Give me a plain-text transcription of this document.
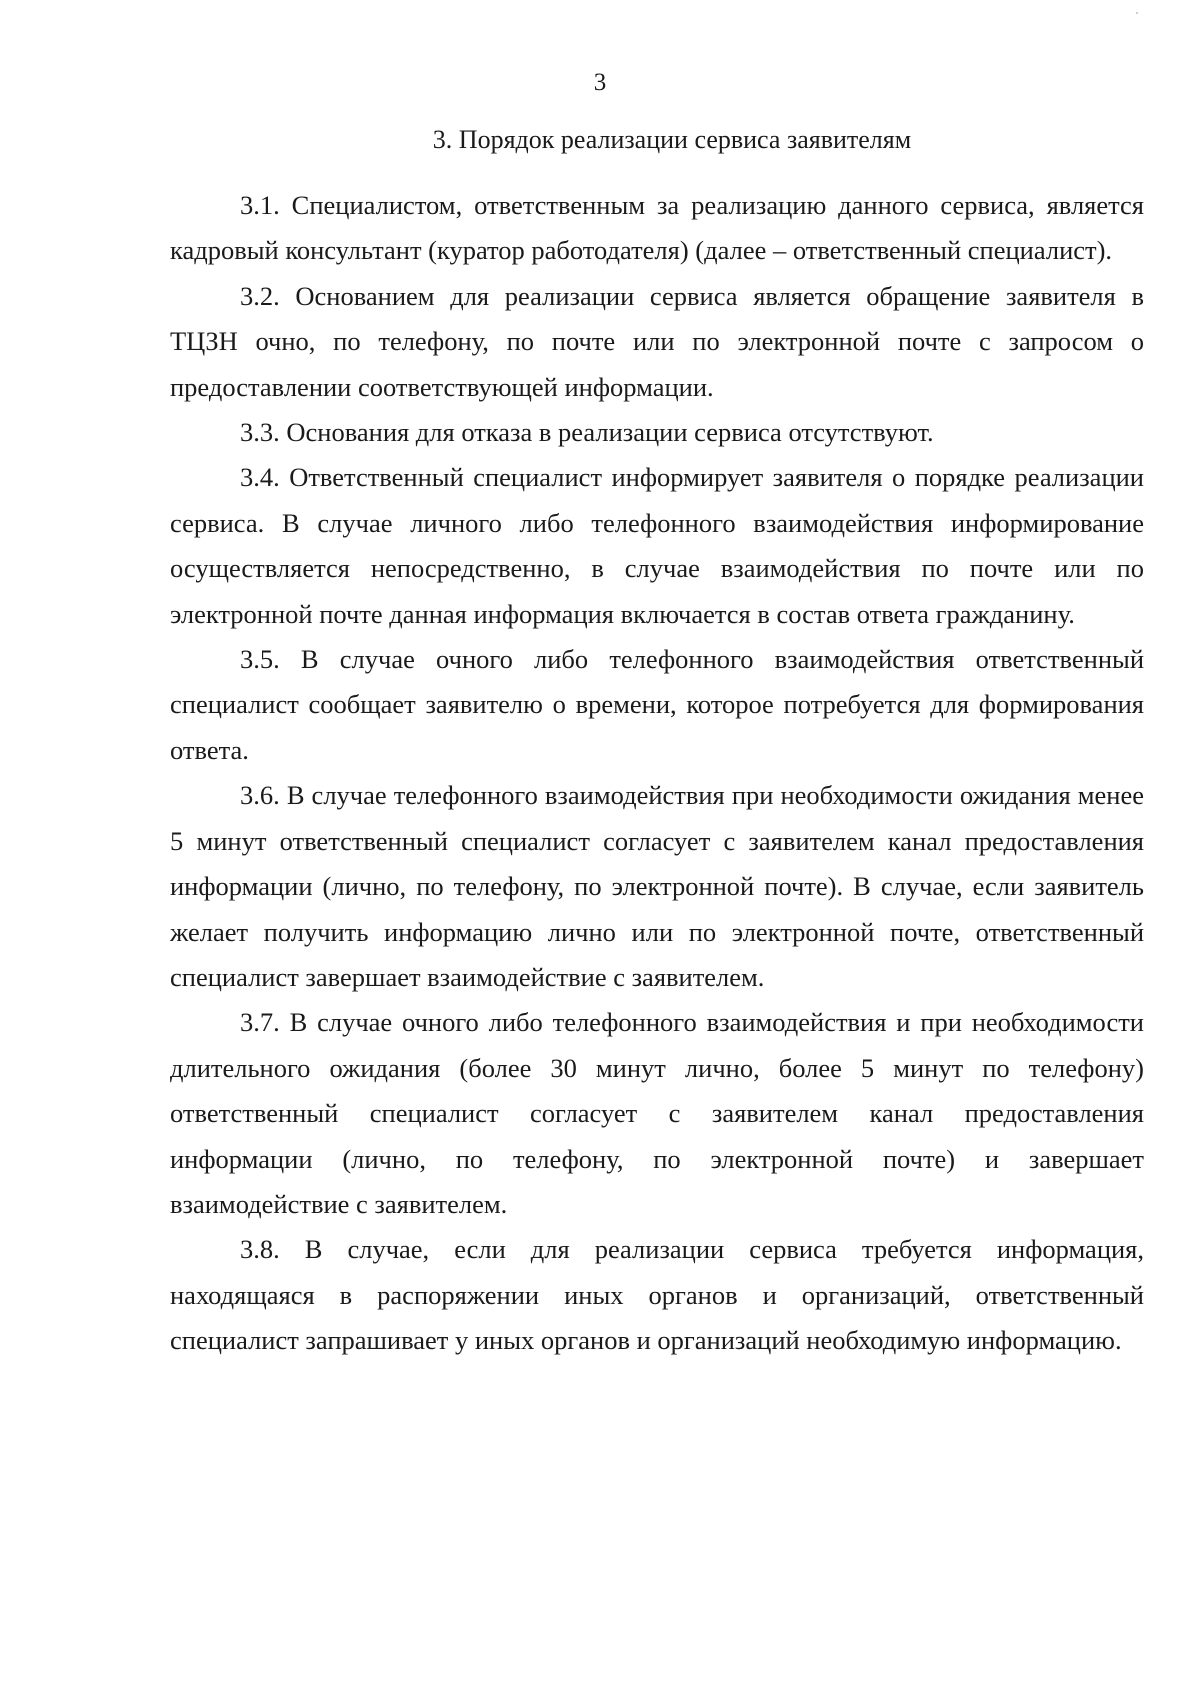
3
3. Порядок реализации сервиса заявителям

3.1. Специалистом, ответственным за реализацию данного сервиса, является кадровый консультант (куратор работодателя) (далее – ответственный специалист).

3.2. Основанием для реализации сервиса является обращение заявителя в ТЦЗН очно, по телефону, по почте или по электронной почте с запросом о предоставлении соответствующей информации.

3.3. Основания для отказа в реализации сервиса отсутствуют.

3.4. Ответственный специалист информирует заявителя о порядке реализации сервиса. В случае личного либо телефонного взаимодействия информирование осуществляется непосредственно, в случае взаимодействия по почте или по электронной почте данная информация включается в состав ответа гражданину.

3.5. В случае очного либо телефонного взаимодействия ответственный специалист сообщает заявителю о времени, которое потребуется для формирования ответа.

3.6. В случае телефонного взаимодействия при необходимости ожидания менее 5 минут ответственный специалист согласует с заявителем канал предоставления информации (лично, по телефону, по электронной почте). В случае, если заявитель желает получить информацию лично или по электронной почте, ответственный специалист завершает взаимодействие с заявителем.

3.7. В случае очного либо телефонного взаимодействия и при необходимости длительного ожидания (более 30 минут лично, более 5 минут по телефону) ответственный специалист согласует с заявителем канал предоставления информации (лично, по телефону, по электронной почте) и завершает взаимодействие с заявителем.

3.8. В случае, если для реализации сервиса требуется информация, находящаяся в распоряжении иных органов и организаций, ответственный специалист запрашивает у иных органов и организаций необходимую информацию.
